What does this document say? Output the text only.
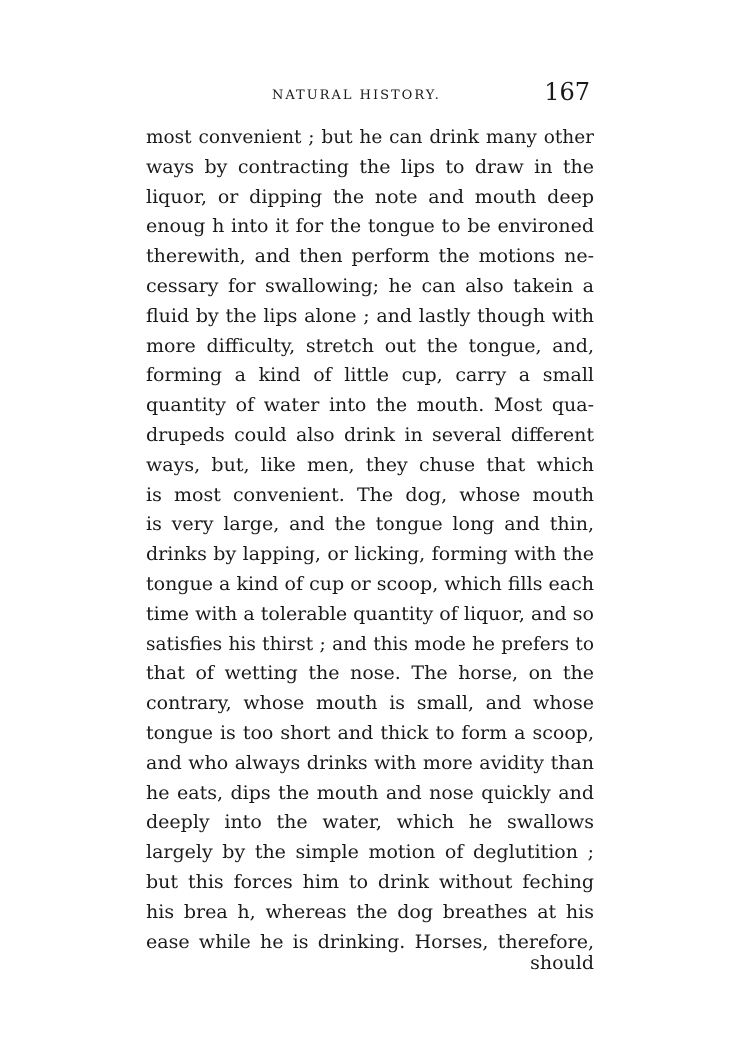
NATURAL HISTORY.	167
most convenient ; but he can drink many other
ways by contracting the lips to draw in the
liquor, or dipping the note and mouth deep
enoug h into it for the tongue to be environed
therewith, and then perform the motions ne-
cessary for swallowing; he can also takein a
fluid by the lips alone ; and lastly though with
more difficulty, stretch out the tongue, and,
forming a kind of little cup, carry a small
quantity of water into the mouth. Most qua-
drupeds could also drink in several different
ways, but, like men, they chuse that which
is most convenient. The dog, whose mouth
is very large, and the tongue long and thin,
drinks by lapping, or licking, forming with the
tongue a kind of cup or scoop, which fills each
time with a tolerable quantity of liquor, and so
satisfies his thirst ; and this mode he prefers to
that of wetting the nose. The horse, on the
contrary, whose mouth is small, and whose
tongue is too short and thick to form a scoop,
and who always drinks with more avidity than
he eats, dips the mouth and nose quickly and
deeply into the water, which he swallows
largely by the simple motion of deglutition ;
but this forces him to drink without feching
his brea h, whereas the dog breathes at his
ease while he is drinking. Horses, therefore,
should
